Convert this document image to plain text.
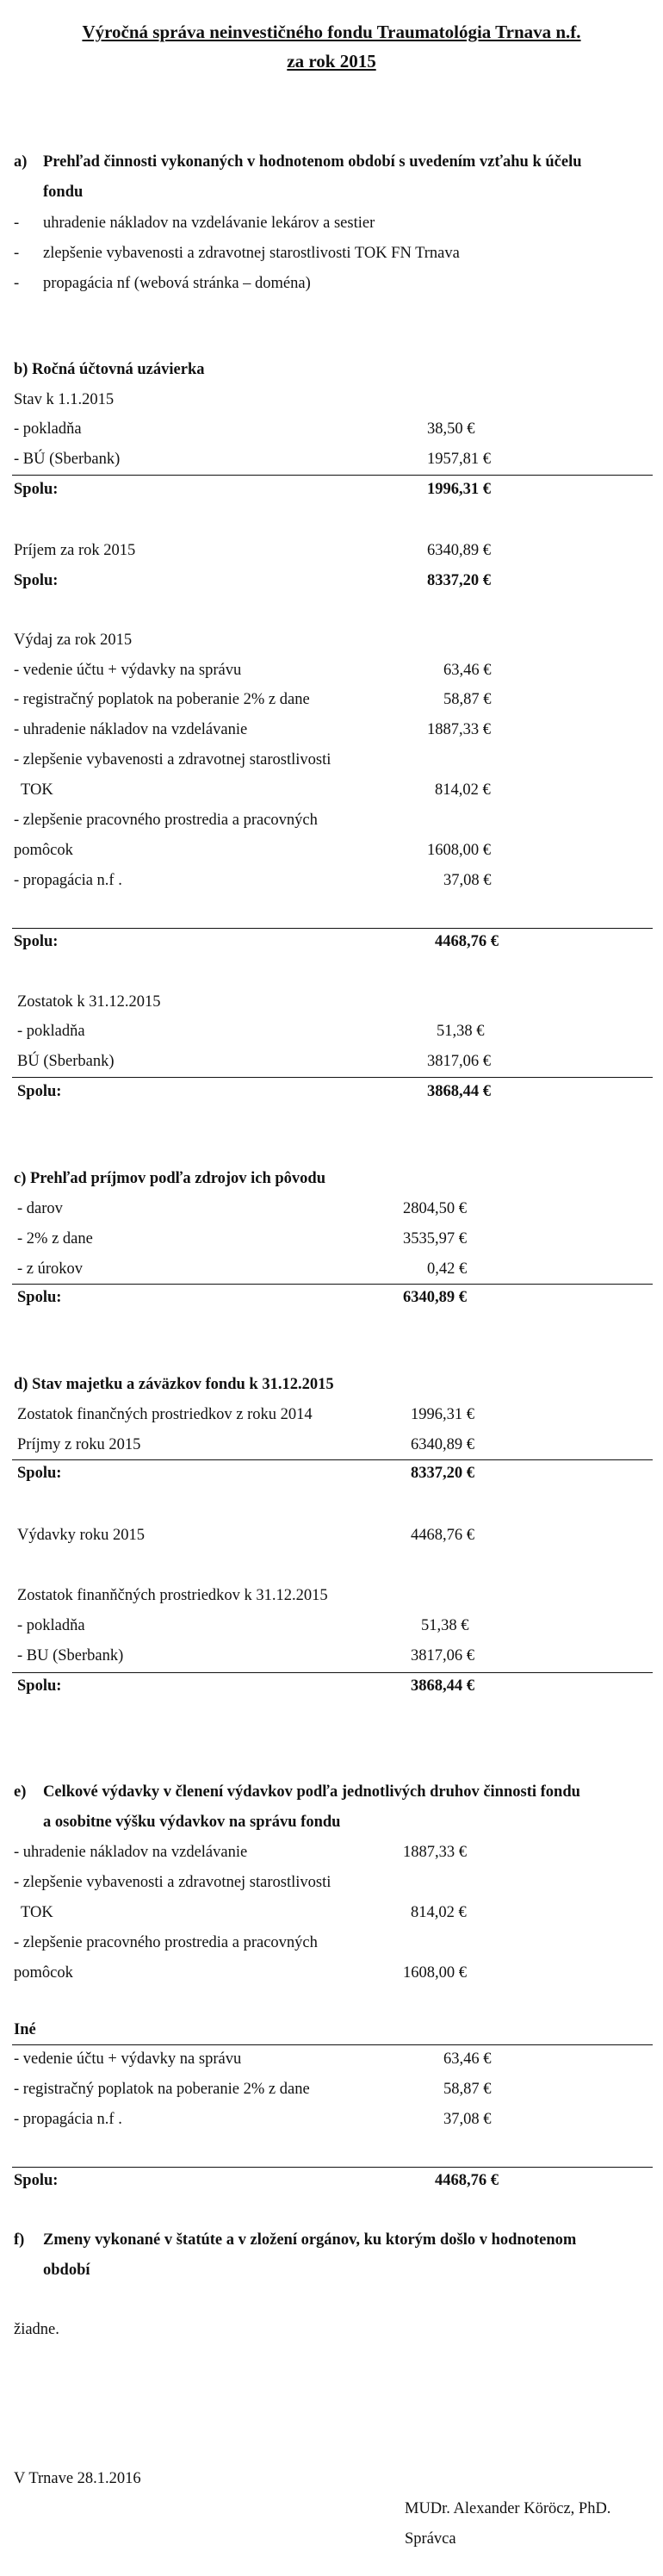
Výročná správa neinvestičného fondu Traumatológia Trnava n.f.
za rok 2015
a) Prehľad činnosti vykonaných v hodnotenom období s uvedením vzťahu k účelu
fondu
- uhradenie nákladov na vzdelávanie lekárov a sestier
- zlepšenie vybavenosti a zdravotnej starostlivosti TOK FN Trnava
- propagácia nf (webová stránka – doména)
b) Ročná účtovná uzávierka
Stav k 1.1.2015
- pokladňa	38,50 €
- BÚ (Sberbank)	1957,81 €
Spolu:	1996,31 €
Príjem za rok 2015	6340,89 €
Spolu:	8337,20 €
Výdaj za rok 2015
- vedenie účtu + výdavky na správu	63,46 €
- registračný poplatok na poberanie 2% z dane	58,87 €
- uhradenie nákladov na vzdelávanie	1887,33 €
- zlepšenie vybavenosti a zdravotnej starostlivosti
TOK	814,02 €
- zlepšenie pracovného prostredia a pracovných
pomôcok	1608,00 €
- propagácia n.f .	37,08 €
Spolu:	4468,76 €
Zostatok k 31.12.2015
- pokladňa	51,38 €
BÚ (Sberbank)	3817,06 €
Spolu:	3868,44 €
c) Prehľad príjmov podľa zdrojov ich pôvodu
- darov	2804,50 €
- 2% z dane	3535,97 €
- z úrokov	0,42 €
Spolu:	6340,89 €
d) Stav majetku a záväzkov fondu k 31.12.2015
Zostatok finančných prostriedkov z roku 2014	1996,31 €
Príjmy z roku 2015	6340,89 €
Spolu:	8337,20 €
Výdavky roku 2015	4468,76 €
Zostatok finanňčných prostriedkov k 31.12.2015
- pokladňa	51,38 €
- BU (Sberbank)	3817,06 €
Spolu:	3868,44 €
e) Celkové výdavky v členení výdavkov podľa jednotlivých druhov činnosti fondu
a osobitne výšku výdavkov na správu fondu
- uhradenie nákladov na vzdelávanie	1887,33 €
- zlepšenie vybavenosti a zdravotnej starostlivosti
TOK	814,02 €
- zlepšenie pracovného prostredia a pracovných
pomôcok	1608,00 €
Iné
- vedenie účtu + výdavky na správu	63,46 €
- registračný poplatok na poberanie 2% z dane	58,87 €
- propagácia n.f .	37,08 €
Spolu:	4468,76 €
f) Zmeny vykonané v štatúte a v zložení orgánov, ku ktorým došlo v hodnotenom
období
žiadne.
V Trnave 28.1.2016
MUDr. Alexander Köröcz, PhD.
Správca
